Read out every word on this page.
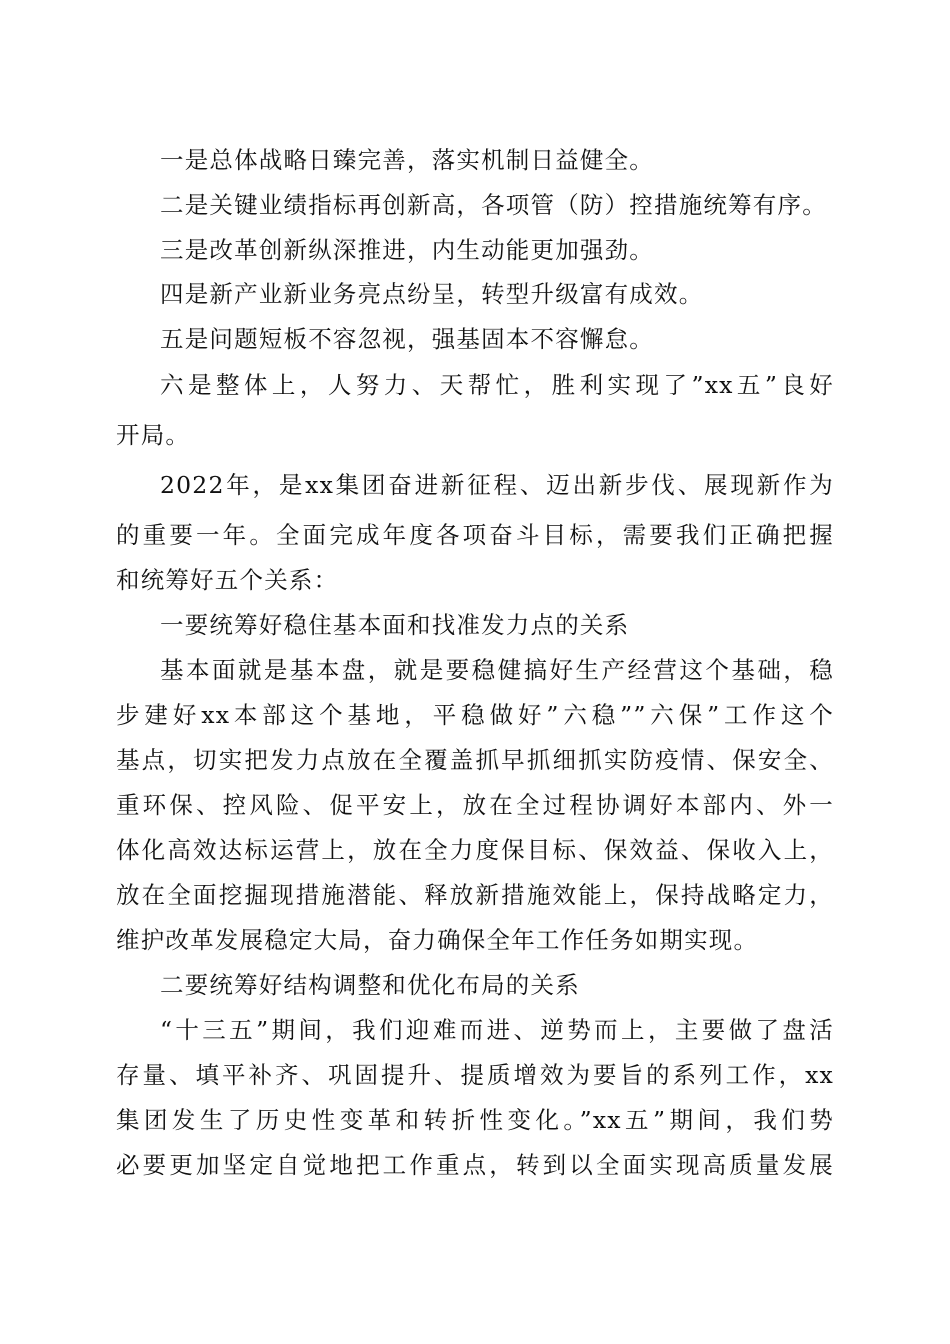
一是总体战略日臻完善，落实机制日益健全。
二是关键业绩指标再创新高，各项管（防）控措施统筹有序。
三是改革创新纵深推进，内生动能更加强劲。
四是新产业新业务亮点纷呈，转型升级富有成效。
五是问题短板不容忽视，强基固本不容懈怠。
六是整体上，人努力、天帮忙，胜利实现了”xx五”良好
开局。
2022年，是xx集团奋进新征程、迈出新步伐、展现新作为
的重要一年。全面完成年度各项奋斗目标，需要我们正确把握
和统筹好五个关系：
一要统筹好稳住基本面和找准发力点的关系
基本面就是基本盘，就是要稳健搞好生产经营这个基础，稳
步建好xx本部这个基地，平稳做好”六稳””六保”工作这个
基点，切实把发力点放在全覆盖抓早抓细抓实防疫情、保安全、
重环保、控风险、促平安上，放在全过程协调好本部内、外一
体化高效达标运营上，放在全力度保目标、保效益、保收入上，
放在全面挖掘现措施潜能、释放新措施效能上，保持战略定力，
维护改革发展稳定大局，奋力确保全年工作任务如期实现。
二要统筹好结构调整和优化布局的关系
“十三五”期间，我们迎难而进、逆势而上，主要做了盘活
存量、填平补齐、巩固提升、提质增效为要旨的系列工作，xx
集团发生了历史性变革和转折性变化。”xx五”期间，我们势
必要更加坚定自觉地把工作重点，转到以全面实现高质量发展
